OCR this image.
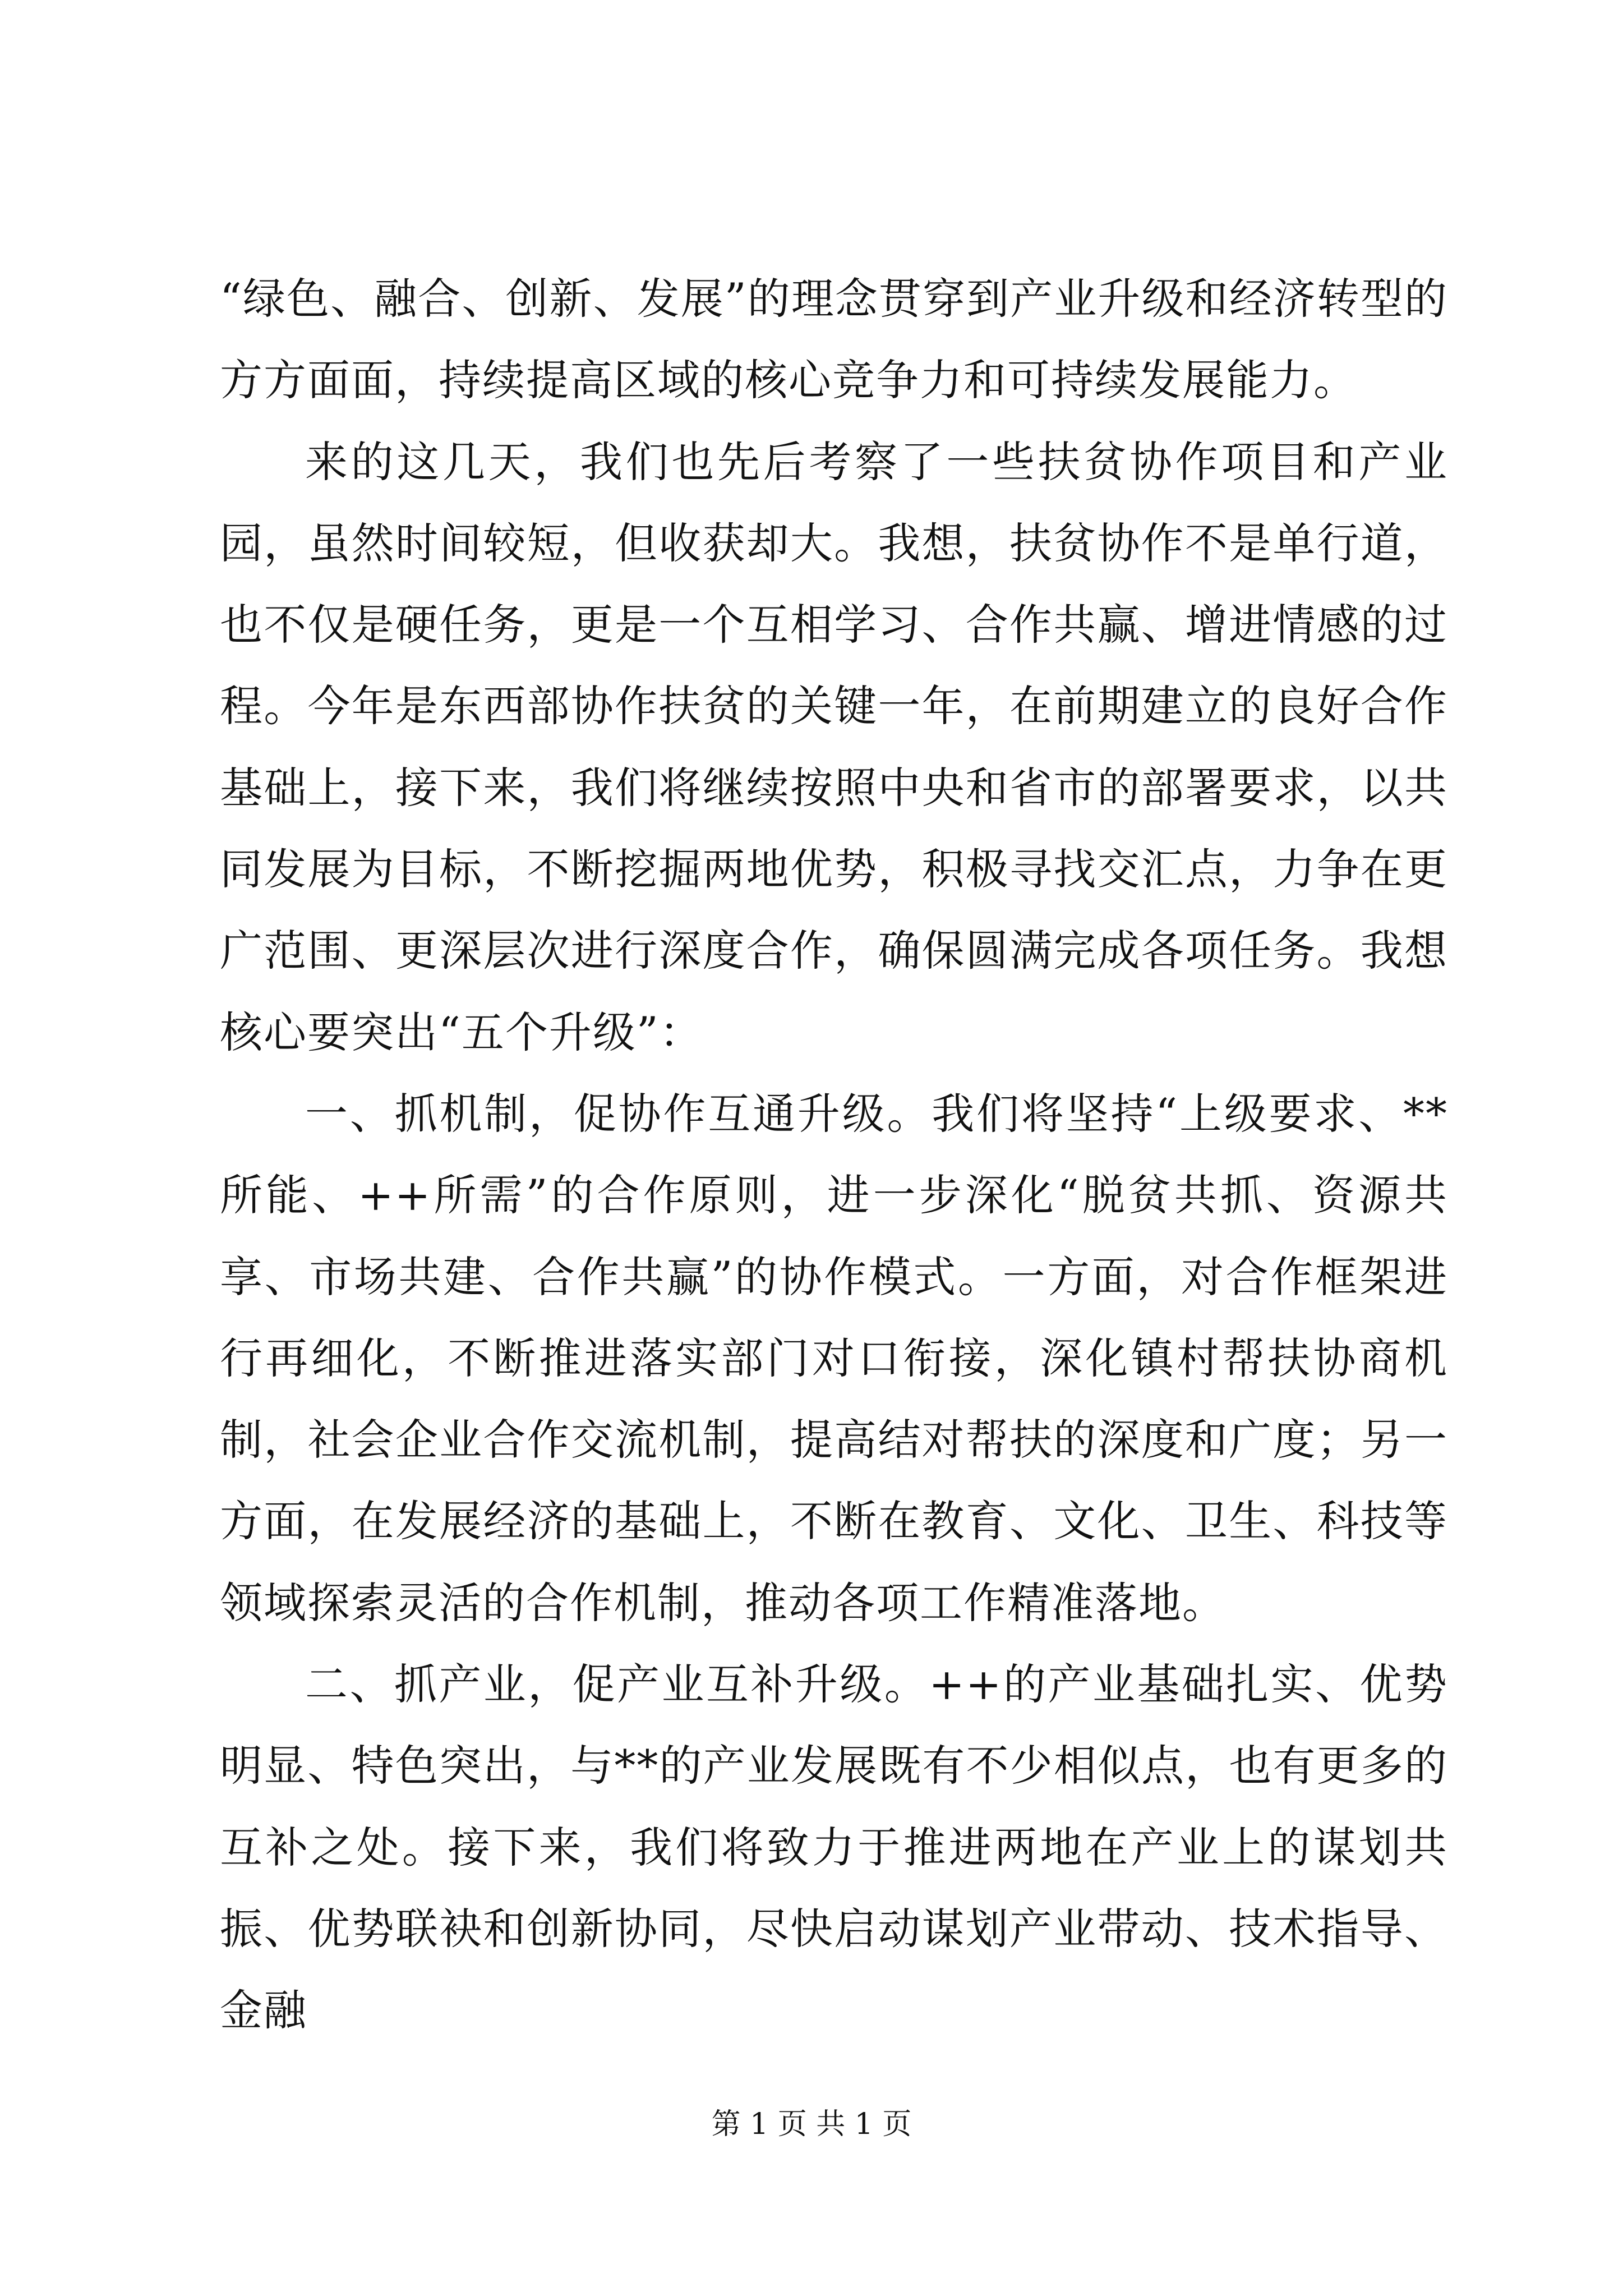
“绿色、融合、创新、发展”的理念贯穿到产业升级和经济转型的方方面面，持续提高区域的核心竞争力和可持续发展能力。

来的这几天，我们也先后考察了一些扶贫协作项目和产业园，虽然时间较短，但收获却大。我想，扶贫协作不是单行道，也不仅是硬任务，更是一个互相学习、合作共赢、增进情感的过程。今年是东西部协作扶贫的关键一年，在前期建立的良好合作基础上，接下来，我们将继续按照中央和省市的部署要求，以共同发展为目标，不断挖掘两地优势，积极寻找交汇点，力争在更广范围、更深层次进行深度合作，确保圆满完成各项任务。我想核心要突出“五个升级”：

一、抓机制，促协作互通升级。我们将坚持“上级要求、**所能、++所需”的合作原则，进一步深化“脱贫共抓、资源共享、市场共建、合作共赢”的协作模式。一方面，对合作框架进行再细化，不断推进落实部门对口衔接，深化镇村帮扶协商机制，社会企业合作交流机制，提高结对帮扶的深度和广度；另一方面，在发展经济的基础上，不断在教育、文化、卫生、科技等领域探索灵活的合作机制，推动各项工作精准落地。

二、抓产业，促产业互补升级。++的产业基础扎实、优势明显、特色突出，与**的产业发展既有不少相似点，也有更多的互补之处。接下来，我们将致力于推进两地在产业上的谋划共振、优势联袂和创新协同，尽快启动谋划产业带动、技术指导、金融

第 1 页 共 1 页
